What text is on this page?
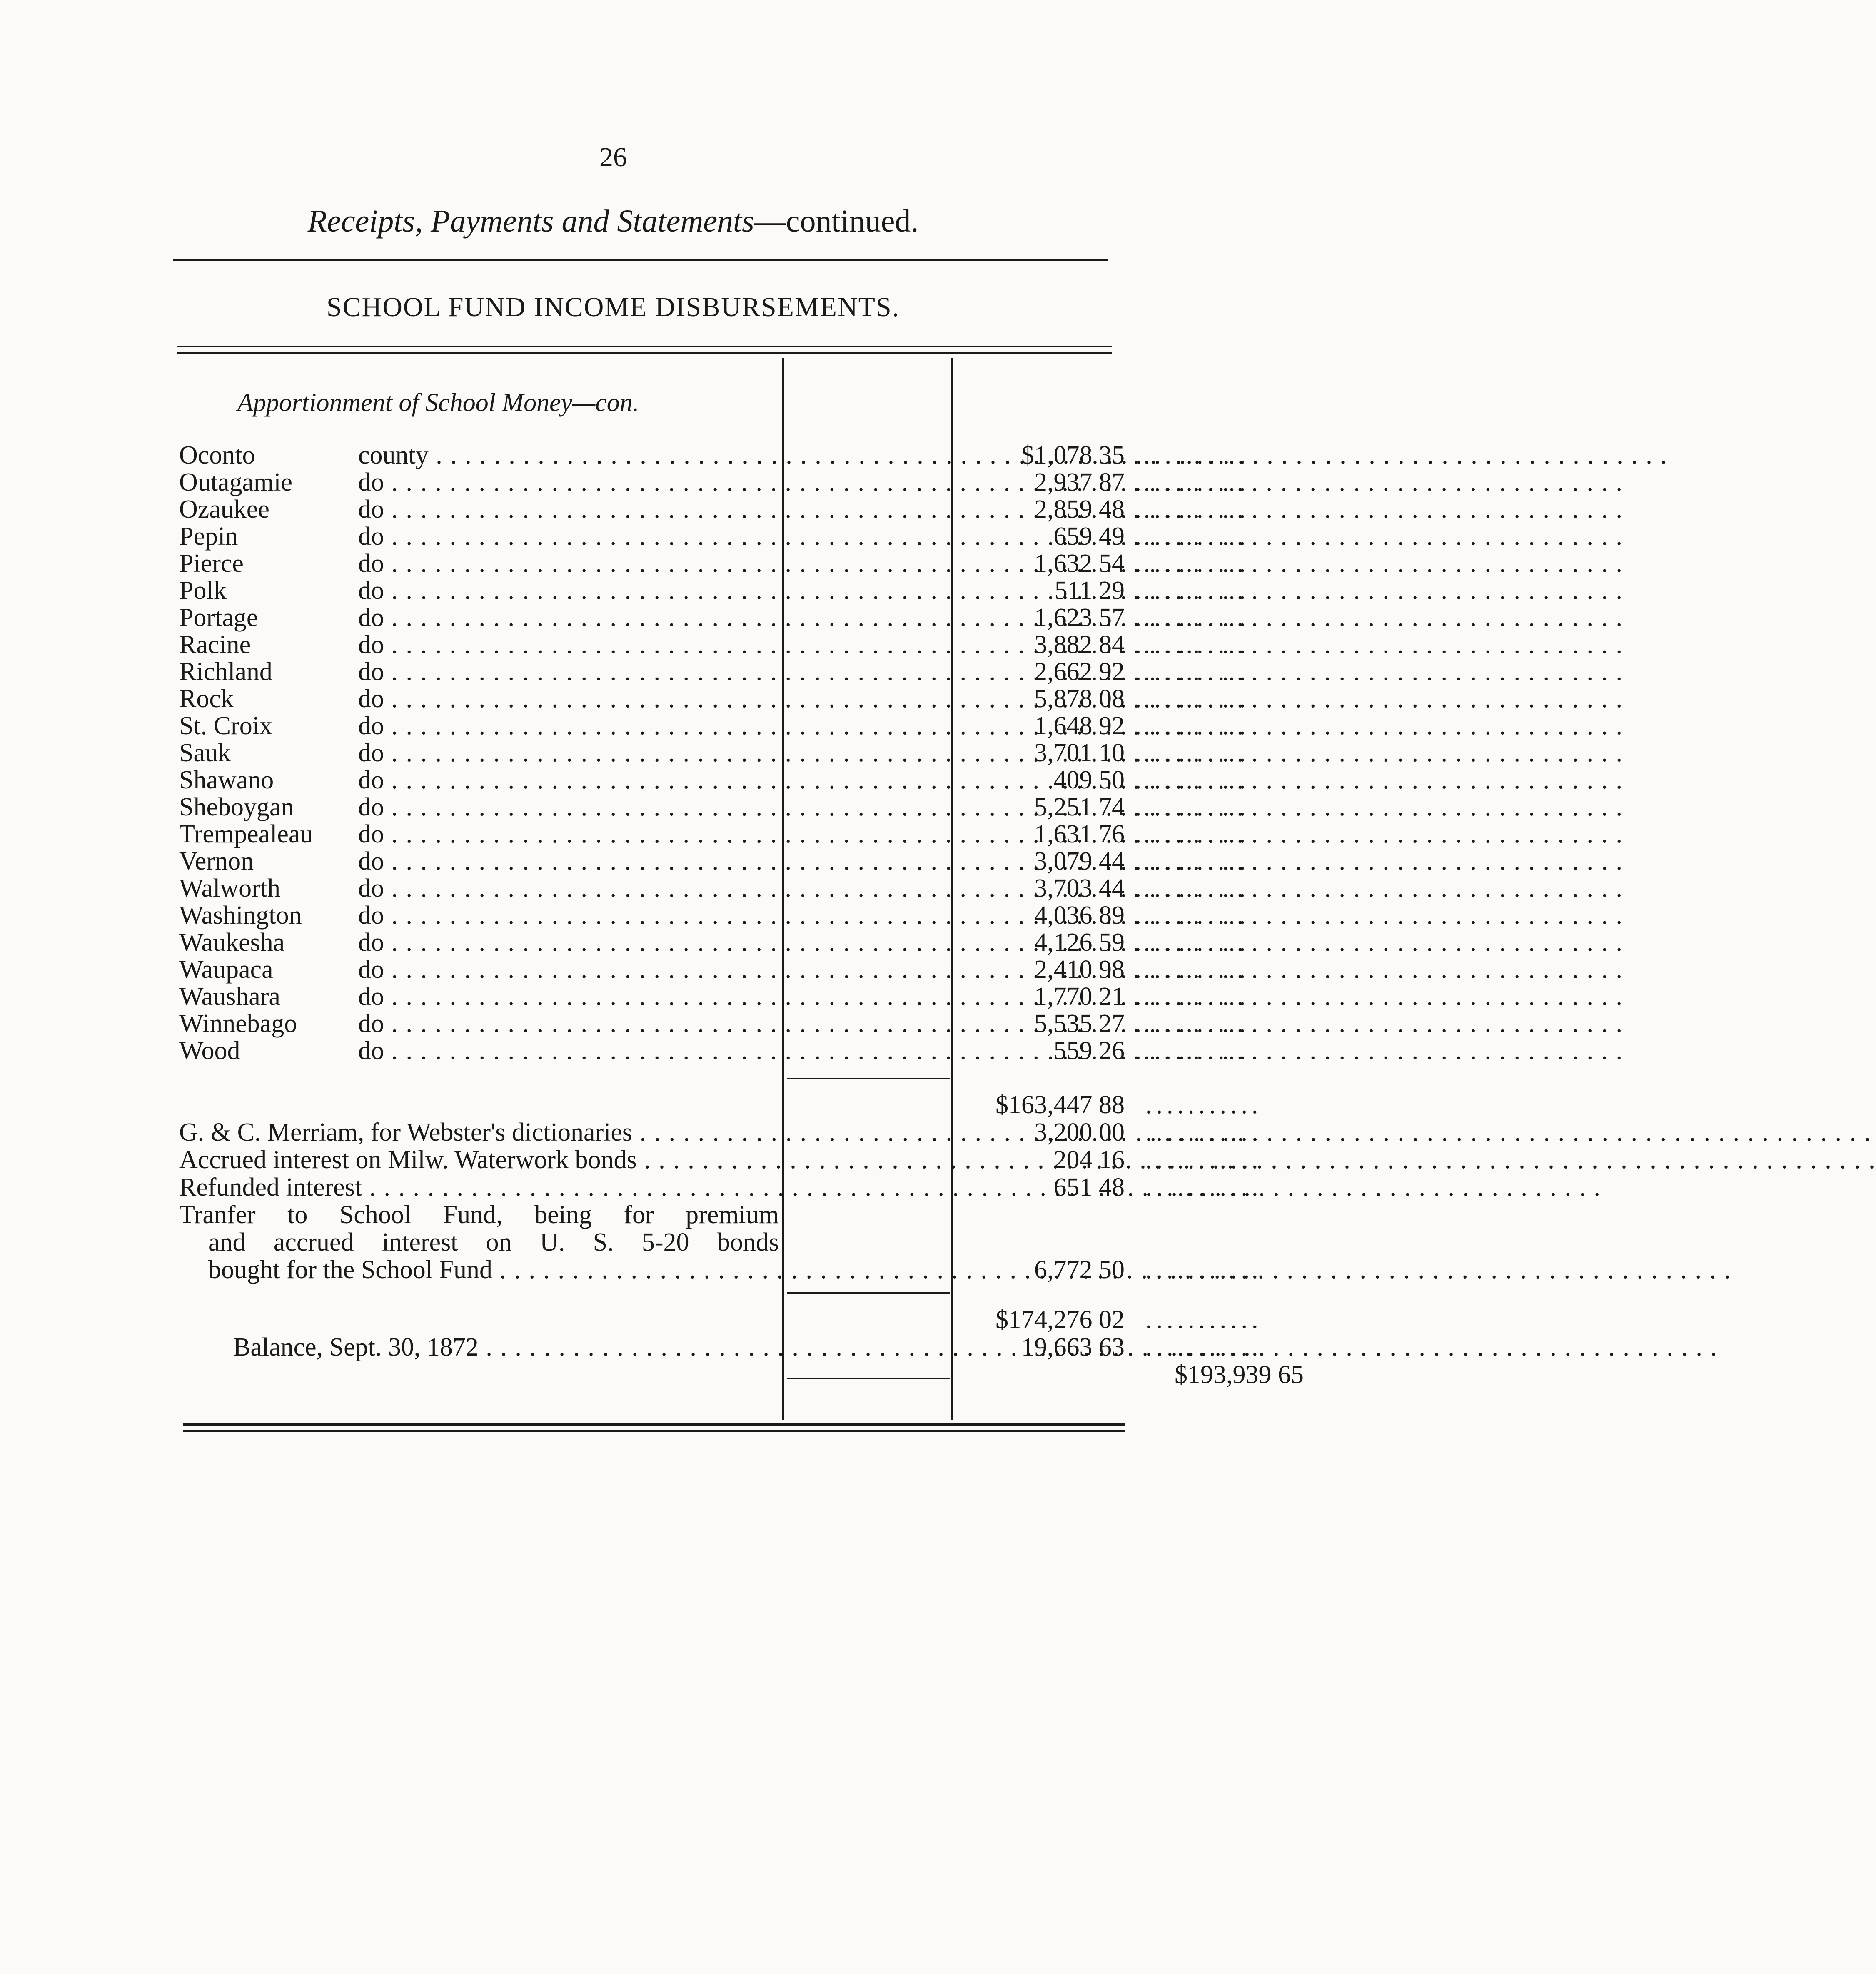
26
Receipts, Payments and Statements—continued.
SCHOOL FUND INCOME DISBURSEMENTS.
Apportionment of School Money—con.
Oconto	county . . .	$1,078 35 ...........
Outagamie	do . . .	2,937 87 ...........
Ozaukee	do . . .	2,859 48 ...........
Pepin	do . . .	659 49 ...........
Pierce	do . . .	1,632 54 ...........
Polk	do . . .	511 29 ...........
Portage	do . . .	1,623 57 ...........
Racine	do . . .	3,882 84 ...........
Richland	do . . .	2,662 92 ...........
Rock	do . . .	5,878 08 ...........
St. Croix	do . . .	1,648 92 ...........
Sauk	do . . .	3,701 10 ...........
Shawano	do . . .	409 50 ...........
Sheboygan do . . .	5,251 74 ...........
Trempealeau do . . .	1,631 76 ...........
Vernon	do . . .	3,079 44 ...........
Walworth	do . . .	3,703 44 ...........
Washington do . . .	4,036 89 ...........
Waukesha	do . . .	4,126 59 ...........
Waupaca	do . . .	2,410 98 ...........
Waushara	do . . .	1,770 21 ...........
Winnebago do . . .	5,535 27 ...........
Wood	do . . .	559 26 ...........
$163,447 88 ...........
G. & C. Merriam, for Webster's dictionaries . . .	3,200 00 ...........
Accrued interest on Milw. Waterwork bonds . . .	204 16 ...........
Refunded interest . . .	651 48 ...........
Tranfer to School Fund, being for premium
and accrued interest on U. S. 5-20 bonds
bought for the School Fund . . .	6,772 50 ...........
$174,276 02 ...........
Balance, Sept. 30, 1872 . . .	19,663 63 ...........
$193,939 65
